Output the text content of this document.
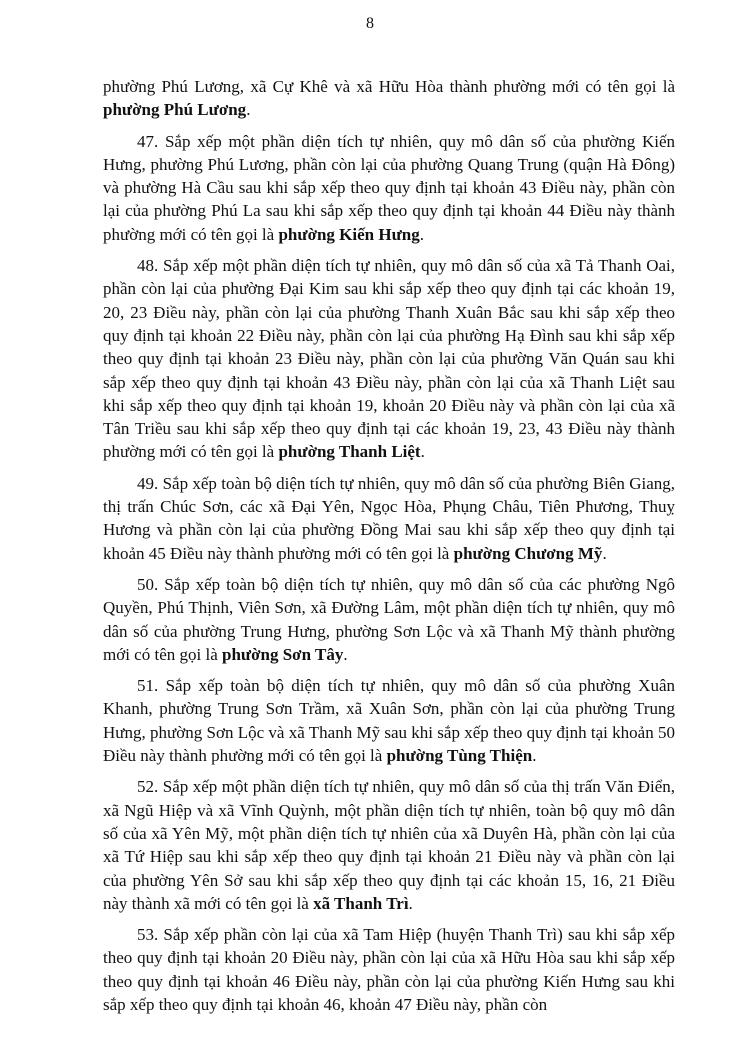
8

phường Phú Lương, xã Cự Khê và xã Hữu Hòa thành phường mới có tên gọi là phường Phú Lương.

47. Sắp xếp một phần diện tích tự nhiên, quy mô dân số của phường Kiến Hưng, phường Phú Lương, phần còn lại của phường Quang Trung (quận Hà Đông) và phường Hà Cầu sau khi sắp xếp theo quy định tại khoản 43 Điều này, phần còn lại của phường Phú La sau khi sắp xếp theo quy định tại khoản 44 Điều này thành phường mới có tên gọi là phường Kiến Hưng.

48. Sắp xếp một phần diện tích tự nhiên, quy mô dân số của xã Tả Thanh Oai, phần còn lại của phường Đại Kim sau khi sắp xếp theo quy định tại các khoản 19, 20, 23 Điều này, phần còn lại của phường Thanh Xuân Bắc sau khi sắp xếp theo quy định tại khoản 22 Điều này, phần còn lại của phường Hạ Đình sau khi sắp xếp theo quy định tại khoản 23 Điều này, phần còn lại của phường Văn Quán sau khi sắp xếp theo quy định tại khoản 43 Điều này, phần còn lại của xã Thanh Liệt sau khi sắp xếp theo quy định tại khoản 19, khoản 20 Điều này và phần còn lại của xã Tân Triều sau khi sắp xếp theo quy định tại các khoản 19, 23, 43 Điều này thành phường mới có tên gọi là phường Thanh Liệt.

49. Sắp xếp toàn bộ diện tích tự nhiên, quy mô dân số của phường Biên Giang, thị trấn Chúc Sơn, các xã Đại Yên, Ngọc Hòa, Phụng Châu, Tiên Phương, Thuỵ Hương và phần còn lại của phường Đồng Mai sau khi sắp xếp theo quy định tại khoản 45 Điều này thành phường mới có tên gọi là phường Chương Mỹ.

50. Sắp xếp toàn bộ diện tích tự nhiên, quy mô dân số của các phường Ngô Quyền, Phú Thịnh, Viên Sơn, xã Đường Lâm, một phần diện tích tự nhiên, quy mô dân số của phường Trung Hưng, phường Sơn Lộc và xã Thanh Mỹ thành phường mới có tên gọi là phường Sơn Tây.

51. Sắp xếp toàn bộ diện tích tự nhiên, quy mô dân số của phường Xuân Khanh, phường Trung Sơn Trầm, xã Xuân Sơn, phần còn lại của phường Trung Hưng, phường Sơn Lộc và xã Thanh Mỹ sau khi sắp xếp theo quy định tại khoản 50 Điều này thành phường mới có tên gọi là phường Tùng Thiện.

52. Sắp xếp một phần diện tích tự nhiên, quy mô dân số của thị trấn Văn Điển, xã Ngũ Hiệp và xã Vĩnh Quỳnh, một phần diện tích tự nhiên, toàn bộ quy mô dân số của xã Yên Mỹ, một phần diện tích tự nhiên của xã Duyên Hà, phần còn lại của xã Tứ Hiệp sau khi sắp xếp theo quy định tại khoản 21 Điều này và phần còn lại của phường Yên Sở sau khi sắp xếp theo quy định tại các khoản 15, 16, 21 Điều này thành xã mới có tên gọi là xã Thanh Trì.

53. Sắp xếp phần còn lại của xã Tam Hiệp (huyện Thanh Trì) sau khi sắp xếp theo quy định tại khoản 20 Điều này, phần còn lại của xã Hữu Hòa sau khi sắp xếp theo quy định tại khoản 46 Điều này, phần còn lại của phường Kiến Hưng sau khi sắp xếp theo quy định tại khoản 46, khoản 47 Điều này, phần còn
